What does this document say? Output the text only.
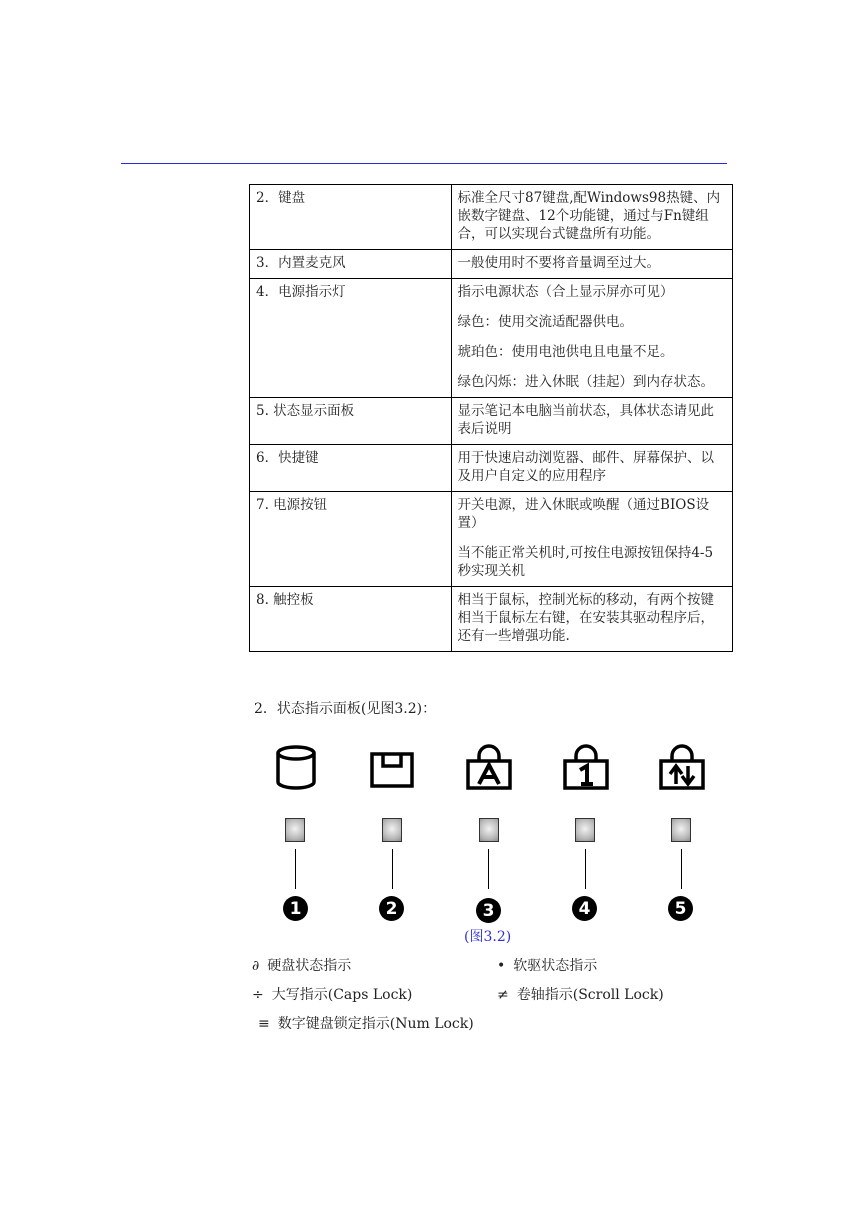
2．键盘	标准全尺寸87键盘,配Windows98热键、内嵌数字键盘、12个功能键，通过与Fn键组合，可以实现台式键盘所有功能。

3．内置麦克风	一般使用时不要将音量调至过大。

4．电源指示灯	指示电源状态（合上显示屏亦可见）

绿色：使用交流适配器供电。

琥珀色：使用电池供电且电量不足。

绿色闪烁：进入休眠（挂起）到内存状态。

5. 状态显示面板	显示笔记本电脑当前状态，具体状态请见此表后说明

6．快捷键	用于快速启动浏览器、邮件、屏幕保护、以及用户自定义的应用程序

7. 电源按钮	开关电源，进入休眠或唤醒（通过BIOS设置）

当不能正常关机时,可按住电源按钮保持4-5秒实现关机

8. 触控板	相当于鼠标，控制光标的移动，有两个按键相当于鼠标左右键，在安装其驱动程序后，还有一些增强功能.

2．状态指示面板(见图3.2)：
1	2	3	4	5
(图3.2)
∂ 硬盘状态指示	• 软驱状态指示
÷ 大写指示(Caps Lock)	≠ 卷轴指示(Scroll Lock)
≡ 数字键盘锁定指示(Num Lock)
